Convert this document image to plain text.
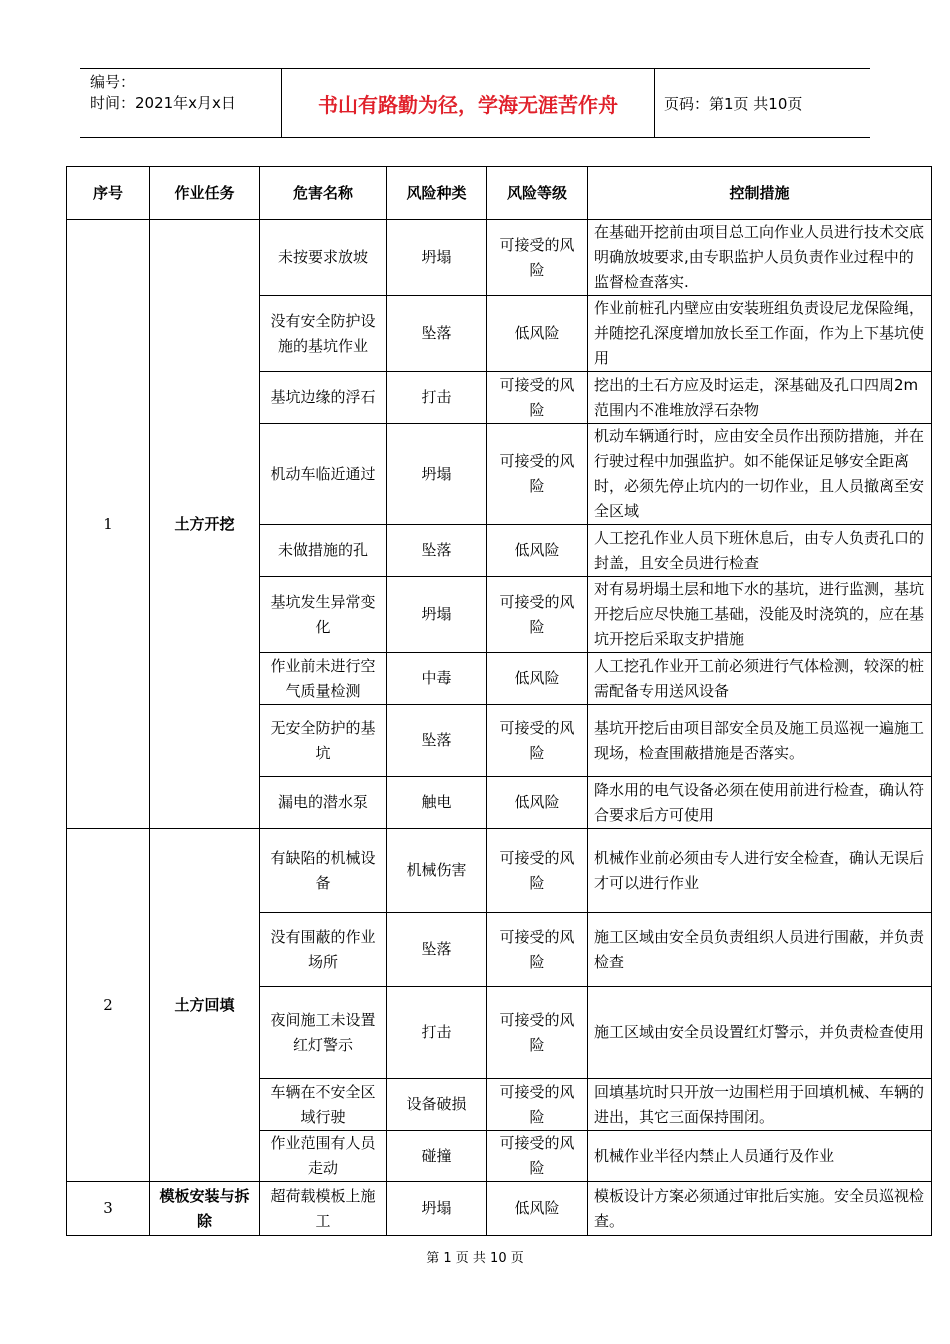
编号：
时间：2021年x月x日	书山有路勤为径，学海无涯苦作舟	页码：第1页 共10页
序号	作业任务	危害名称	风险种类	风险等级	控制措施
1	土方开挖	未按要求放坡	坍塌	可接受的风险	在基础开挖前由项目总工向作业人员进行技术交底明确放坡要求,由专职监护人员负责作业过程中的监督检查落实.
		没有安全防护设施的基坑作业	坠落	低风险	作业前桩孔内壁应由安装班组负责设尼龙保险绳，并随挖孔深度增加放长至工作面，作为上下基坑使用
		基坑边缘的浮石	打击	可接受的风险	挖出的土石方应及时运走，深基础及孔口四周2m范围内不准堆放浮石杂物
		机动车临近通过	坍塌	可接受的风险	机动车辆通行时，应由安全员作出预防措施，并在行驶过程中加强监护。如不能保证足够安全距离时，必须先停止坑内的一切作业，且人员撤离至安全区域
		未做措施的孔	坠落	低风险	人工挖孔作业人员下班休息后，由专人负责孔口的封盖，且安全员进行检查
		基坑发生异常变化	坍塌	可接受的风险	对有易坍塌土层和地下水的基坑，进行监测，基坑开挖后应尽快施工基础，没能及时浇筑的，应在基坑开挖后采取支护措施
		作业前未进行空气质量检测	中毒	低风险	人工挖孔作业开工前必须进行气体检测，较深的桩需配备专用送风设备
		无安全防护的基坑	坠落	可接受的风险	基坑开挖后由项目部安全员及施工员巡视一遍施工现场，检查围蔽措施是否落实。
		漏电的潜水泵	触电	低风险	降水用的电气设备必须在使用前进行检查，确认符合要求后方可使用
2	土方回填	有缺陷的机械设备	机械伤害	可接受的风险	机械作业前必须由专人进行安全检查，确认无误后才可以进行作业
		没有围蔽的作业场所	坠落	可接受的风险	施工区域由安全员负责组织人员进行围蔽，并负责检查
		夜间施工未设置红灯警示	打击	可接受的风险	施工区域由安全员设置红灯警示，并负责检查使用
		车辆在不安全区域行驶	设备破损	可接受的风险	回填基坑时只开放一边围栏用于回填机械、车辆的进出，其它三面保持围闭。
		作业范围有人员走动	碰撞	可接受的风险	机械作业半径内禁止人员通行及作业
3	模板安装与拆除	超荷载模板上施工	坍塌	低风险	模板设计方案必须通过审批后实施。安全员巡视检查。
第 1 页 共 10 页
